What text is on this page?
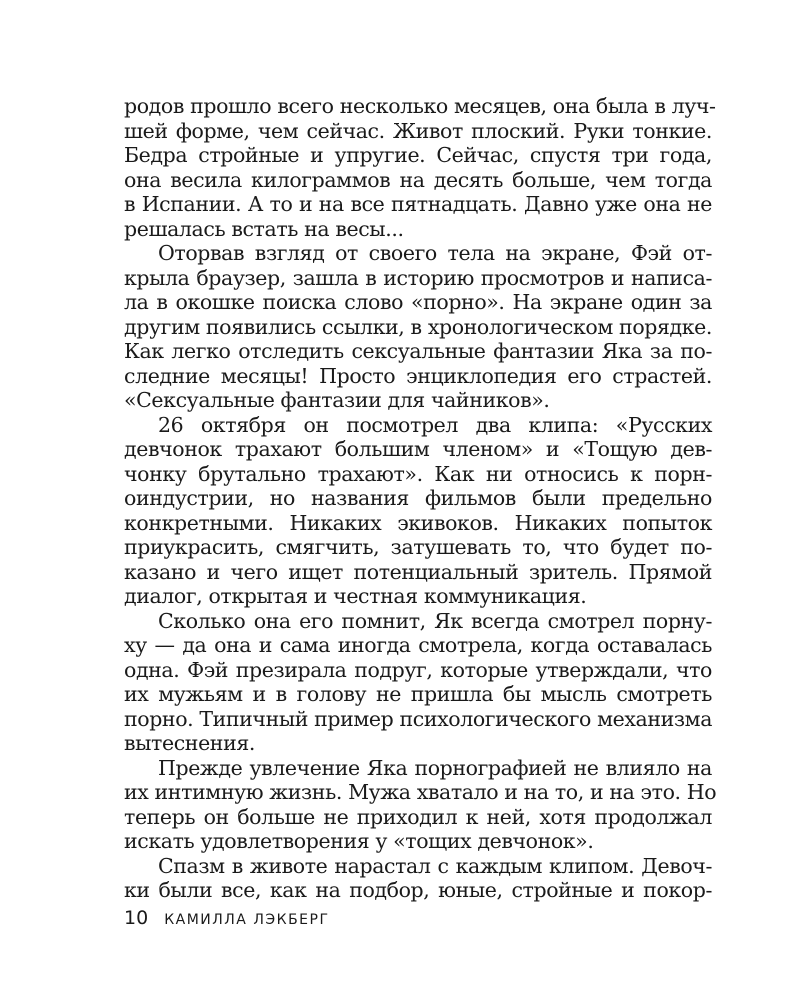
родов прошло всего несколько месяцев, она была в луч-
шей форме, чем сейчас. Живот плоский. Руки тонкие.
Бедра стройные и упругие. Сейчас, спустя три года,
она весила килограммов на десять больше, чем тогда
в Испании. А то и на все пятнадцать. Давно уже она не
решалась встать на весы...
Оторвав взгляд от своего тела на экране, Фэй от-
крыла браузер, зашла в историю просмотров и написа-
ла в окошке поиска слово «порно». На экране один за
другим появились ссылки, в хронологическом порядке.
Как легко отследить сексуальные фантазии Яка за по-
следние месяцы! Просто энциклопедия его страстей.
«Сексуальные фантазии для чайников».
26 октября он посмотрел два клипа: «Русских
девчонок трахают большим членом» и «Тощую дев-
чонку брутально трахают». Как ни относись к порн-
оиндустрии, но названия фильмов были предельно
конкретными. Никаких экивоков. Никаких попыток
приукрасить, смягчить, затушевать то, что будет по-
казано и чего ищет потенциальный зритель. Прямой
диалог, открытая и честная коммуникация.
Сколько она его помнит, Як всегда смотрел порну-
ху — да она и сама иногда смотрела, когда оставалась
одна. Фэй презирала подруг, которые утверждали, что
их мужьям и в голову не пришла бы мысль смотреть
порно. Типичный пример психологического механизма
вытеснения.
Прежде увлечение Яка порнографией не влияло на
их интимную жизнь. Мужа хватало и на то, и на это. Но
теперь он больше не приходил к ней, хотя продолжал
искать удовлетворения у «тощих девчонок».
Спазм в животе нарастал с каждым клипом. Девоч-
ки были все, как на подбор, юные, стройные и покор-
10 КАМИЛЛА ЛЭКБЕРГ
